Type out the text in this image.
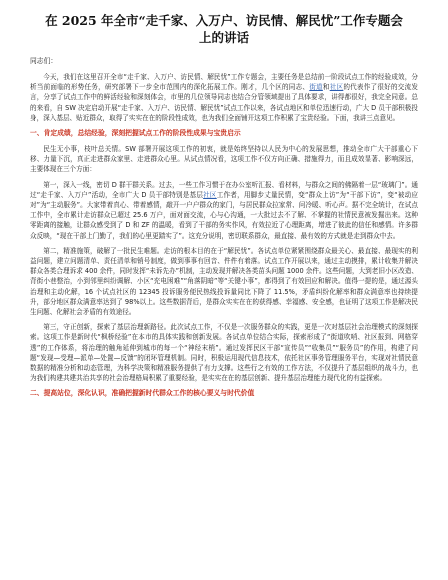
在 2025 年全市“走千家、入万户、访民情、解民忧”工作专题会
上的讲话
同志们：

今天，我们在这里召开全市“走千家、入万户、访民情、解民忧”工作专题会，主要任务是总结前一阶段试点工作的经验成效，分析当前面临的形势任务，研究部署下一步全市范围内的深化拓展工作。刚才，几个区的同志、街道和社区的代表作了很好的交流发言，分享了试点工作中的鲜活经验和深刻体会，市里的几位领导同志也结合分管领域提出了具体要求，讲得都很好，我完全同意。总的来看，自 SW 决定启动开展“走千家、入万户、访民情、解民忧”试点工作以来，各试点地区和单位迅速行动，广大 D 员干部积极投身，深入基层、贴近群众，取得了实实在在的阶段性成效，也为我们全面铺开这项工作积累了宝贵经验。下面，我讲三点意见。

一、肯定成绩，总结经验，深刻把握试点工作的阶段性成果与宝贵启示

民生无小事，枝叶总关情。SW 部署开展这项工作的初衷，就是始终坚持以人民为中心的发展思想，推动全市广大干部重心下移、力量下沉，真正走进群众家里、走进群众心里。从试点情况看，这项工作不仅方向正确、措施得力，而且成效显著、影响深远，主要体现在三个方面：

第一，深入一线，密切 D 群干群关系。过去，一些工作习惯于在办公室听汇报、看材料，与群众之间的佛隔着一层“玻璃门”。通过“走千家、入万户”活动，全市广大 D 员干部特别是基层社区工作者，用脚步丈量民情，变“群众上访”为“干部下访”，变“被动应对”为“主动服务”。大家带着真心、带着感情，敲开一户户群众的家门，与居民群众拉家常、问冷暖、听心声。据不完全统计，在试点工作中，全市累计走访群众已超过 25.6 万户，面对面交流，心与心沟通，一大批过去不了解、不掌握的社情民意被发掘出来。这种零距离的接触，让群众感受到了 D 和 ZF 的温暖，看到了干部的务实作风，有效拉近了心理距离，增进了彼此的信任和感情。许多群众反映，“现在干部上门勤了，我们的心里更踏实了”。这充分说明，密切联系群众，最直接、最有效的方式就是走到群众中去。

第二，精准施策，破解了一批民生难题。走访的根本目的在于“解民忧”。各试点单位紧紧围绕群众最关心、最直接、最现实的利益问题，建立问题清单、责任清单和销号制度，做到事事有回音、件件有着落。试点工作开展以来，通过主动摸排，累计收集并解决群众各类合理诉求 400 余件，同时发挥“未诉先办”机制，主动发现并解决各类苗头问题 1000 余件。这些问题，大到老旧小区改造、背街小巷整治，小到邻里纠纷调解、小区“充电困难”“角落阴暗”等“关键小事”，都得到了有效回应和解决。值得一提的是，通过源头治理和主动化解，16 个试点社区的 12345 投诉服务便民热线投诉量同比下降了 11.5%，矛盾纠纷化解率和群众满意率也持续提升，部分地区群众满意率达到了 98%以上。这些数据背后，是群众实实在在的获得感、幸福感、安全感，也证明了这项工作是解决民生问题、化解社会矛盾的有效途径。

第三，守正创新，探索了基层治理新路径。此次试点工作，不仅是一次服务群众的实践，更是一次对基层社会治理模式的深刻探索。这项工作是新时代“枫桥经验”在本市的具体实践和创新发展。各试点单位结合实际，探索形成了“街道吹哨、社区报到、网格穿透”的工作体系，将治理的触角延伸到城市的每一个“神经末梢”。通过发挥民区干部“宣传员”“收集员”“服务员”的作用，构建了问题“发现—受理—派单—处置—反馈”的闭环管理机制。同时，积极运用现代信息技术，依托社区事务管理服务平台，实现对社情民意数据的精准分析和动态管理，为科学决策和精准服务提供了有力支撑。这些行之有效的工作方法，不仅提升了基层组织的战斗力，也为我们构建共建共治共享的社会治理格局积累了重要经验，是实实在在的基层创新、提升基层治理能力现代化的有益探索。

二、提高站位，深化认识，准确把握新时代群众工作的核心要义与时代价值
